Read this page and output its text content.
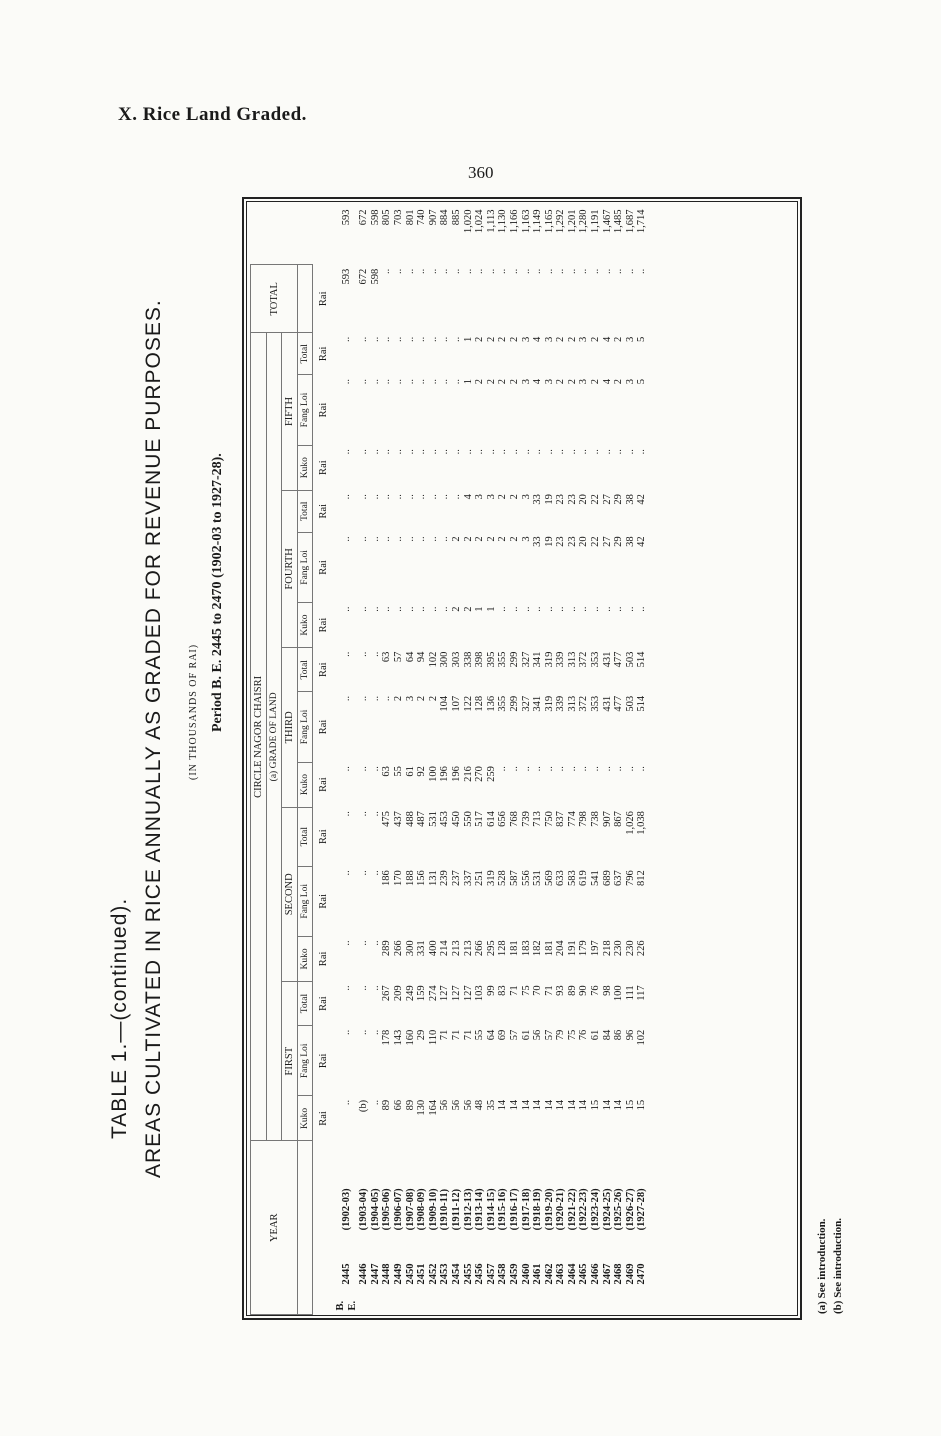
X. Rice Land Graded.
360
TABLE 1.—(continued). AREAS CULTIVATED IN RICE ANNUALLY AS GRADED FOR REVENUE PURPOSES. (IN THOUSANDS OF RAI) Period B. E. 2445 to 2470 (1902-03 to 1927-28).
YEAR			CIRCLE NAGOR CHAISRI															TOTAL	
			(a) GRADE OF LAND																
			FIRST			SECOND			THIRD			FOURTH			FIFTH				
			Kuko	Fang Loi	Total	Kuko	Fang Loi	Total	Kuko	Fang Loi	Total	Kuko	Fang Loi	Total	Kuko	Fang Loi	Total		
			Rai	Rai	Rai	Rai	Rai	Rai	Rai	Rai	Rai	Rai	Rai	Rai	Rai	Rai	Rai	Rai	
B. E.	2445	(1902-03)	..	..	..	..	..	..	..	..	..	..	..	..	..	..	..	593	593
	2446	(1903-04)	(b)	..	..	..	..	..	..	..	..	..	..	..	..	..	..	672	672
	2447	(1904-05)	..	..	..	..	..	..	..	..	..	..	..	..	..	..	..	598	598
	2448	(1905-06)	89	178	267	289	186	475	63	..	63	..	..	..	..	..	..	..	805
	2449	(1906-07)	66	143	209	266	170	437	55	2	57	..	..	..	..	..	..	..	703
	2450	(1907-08)	89	160	249	300	188	488	61	3	64	..	..	..	..	..	..	..	801
	2451	(1908-09)	130	29	159	331	156	487	92	2	94	..	..	..	..	..	..	..	740
	2452	(1909-10)	164	110	274	400	131	531	100	2	102	..	..	..	..	..	..	..	907
	2453	(1910-11)	56	71	127	214	239	453	196	104	300	..	..	..	..	..	..	..	884
	2454	(1911-12)	56	71	127	213	237	450	196	107	303	2	2	..	..	..	..	..	885
	2455	(1912-13)	56	71	127	213	337	550	216	122	338	2	2	4	..	1	1	..	1,020
	2456	(1913-14)	48	55	103	266	251	517	270	128	398	1	2	3	..	2	2	..	1,024
	2457	(1914-15)	35	64	99	295	319	614	259	136	395	1	2	3	..	2	2	..	1,113
	2458	(1915-16)	14	69	83	128	528	656	..	355	355	..	2	2	..	2	2	..	1,130
	2459	(1916-17)	14	57	71	181	587	768	..	299	299	..	2	2	..	2	2	..	1,166
	2460	(1917-18)	14	61	75	183	556	739	..	327	327	..	3	3	..	3	3	..	1,163
	2461	(1918-19)	14	56	70	182	531	713	..	341	341	..	33	33	..	4	4	..	1,149
	2462	(1919-20)	14	57	71	181	569	750	..	319	319	..	19	19	..	3	3	..	1,165
	2463	(1920-21)	14	79	93	204	633	837	..	339	339	..	23	23	..	2	2	..	1,292
	2464	(1921-22)	14	75	89	191	583	774	..	313	313	..	23	23	..	2	2	..	1,201
	2465	(1922-23)	14	76	90	179	619	798	..	372	372	..	20	20	..	3	3	..	1,280
	2466	(1923-24)	15	61	76	197	541	738	..	353	353	..	22	22	..	2	2	..	1,191
	2467	(1924-25)	14	84	98	218	689	907	..	431	431	..	27	27	..	4	4	..	1,467
	2468	(1925-26)	14	86	100	230	637	867	..	477	477	..	29	29	..	2	2	..	1,485
	2469	(1926-27)	15	96	111	230	796	1,026	..	503	503	..	38	38	..	3	3	..	1,687
	2470	(1927-28)	15	102	117	226	812	1,038	..	514	514	..	42	42	..	5	5	..	1,714
(a) See introduction. (b) See introduction.
